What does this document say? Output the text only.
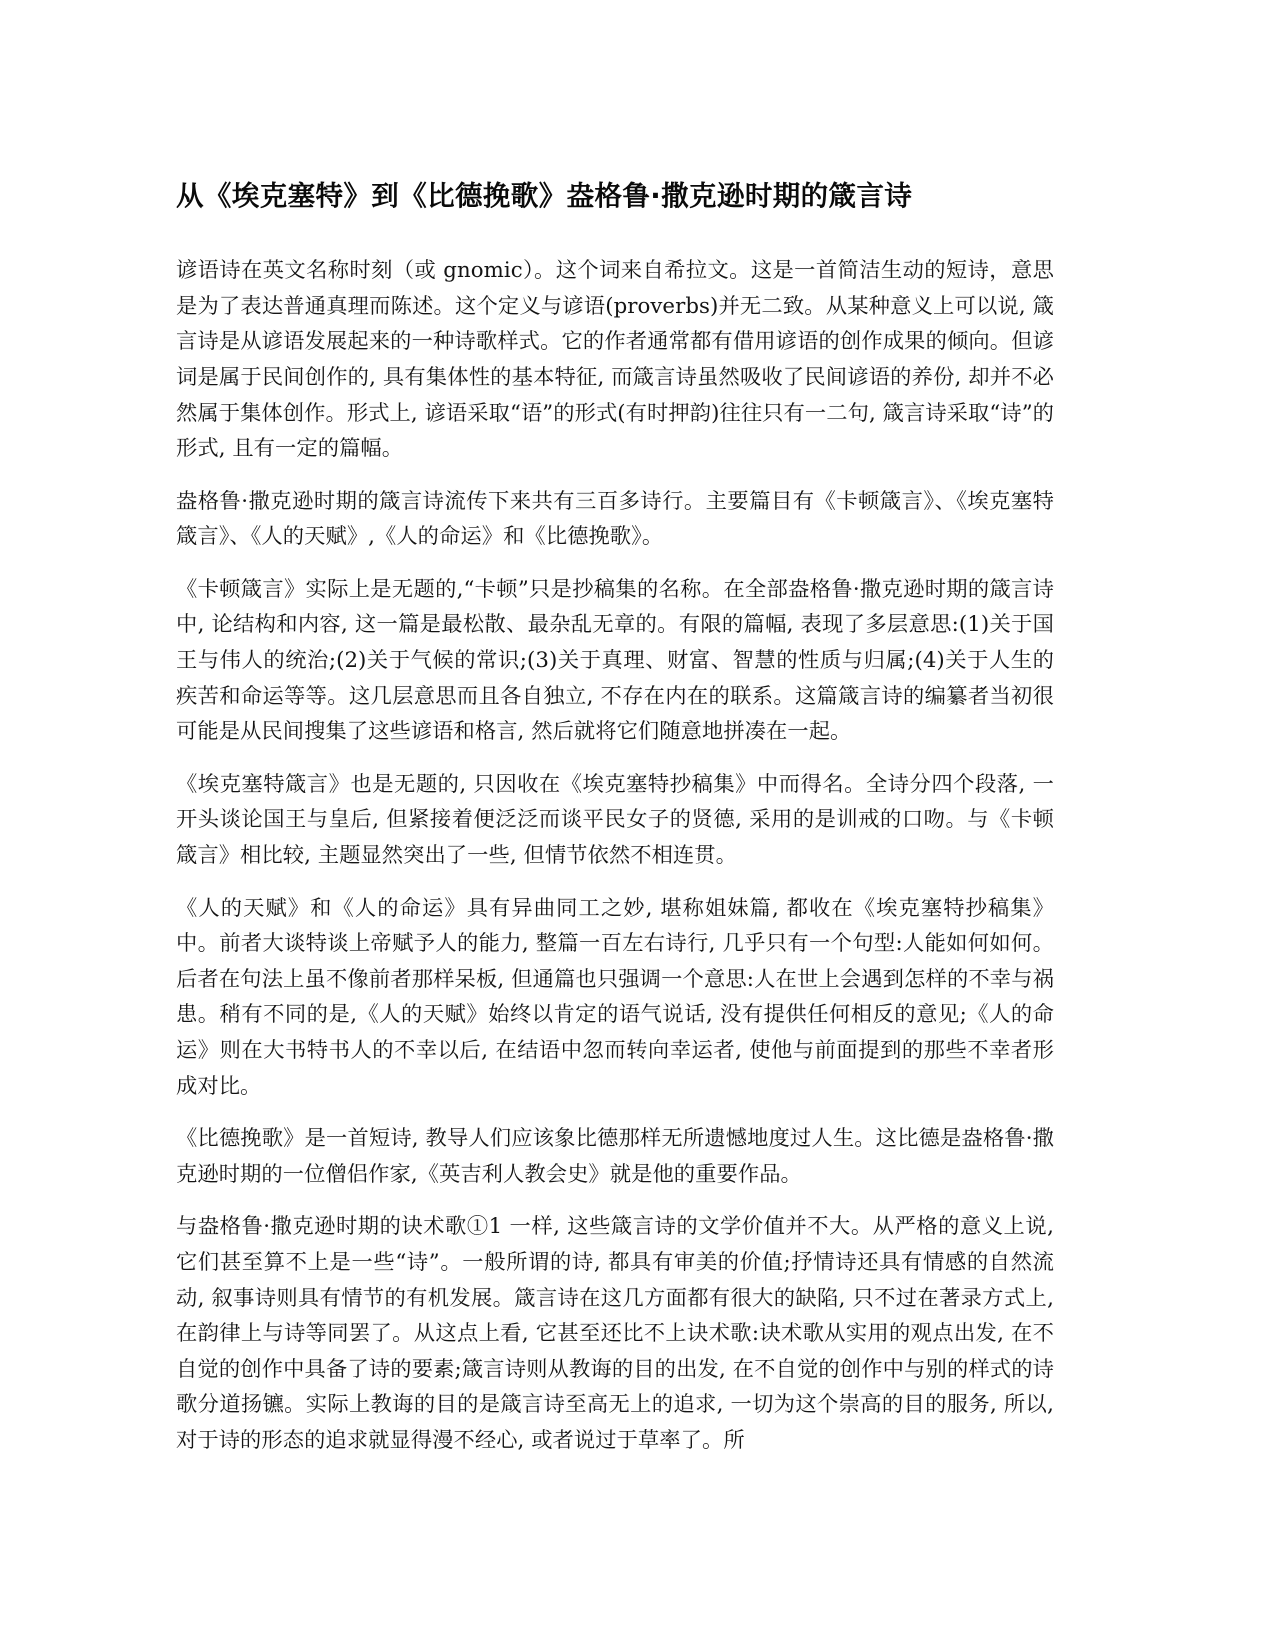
从《埃克塞特》到《比德挽歌》盎格鲁·撒克逊时期的箴言诗

谚语诗在英文名称时刻（或 gnomic）。这个词来自希拉文。这是一首简洁生动的短诗，意思是为了表达普通真理而陈述。这个定义与谚语(proverbs)并无二致。从某种意义上可以说, 箴言诗是从谚语发展起来的一种诗歌样式。它的作者通常都有借用谚语的创作成果的倾向。但谚词是属于民间创作的, 具有集体性的基本特征, 而箴言诗虽然吸收了民间谚语的养份, 却并不必然属于集体创作。形式上, 谚语采取“语”的形式(有时押韵)往往只有一二句, 箴言诗采取“诗”的形式, 且有一定的篇幅。

盎格鲁·撒克逊时期的箴言诗流传下来共有三百多诗行。主要篇目有《卡顿箴言》、《埃克塞特箴言》、《人的天赋》,《人的命运》和《比德挽歌》。

《卡顿箴言》实际上是无题的,“卡顿”只是抄稿集的名称。在全部盎格鲁·撒克逊时期的箴言诗中, 论结构和内容, 这一篇是最松散、最杂乱无章的。有限的篇幅, 表现了多层意思:(1)关于国王与伟人的统治;(2)关于气候的常识;(3)关于真理、财富、智慧的性质与归属;(4)关于人生的疾苦和命运等等。这几层意思而且各自独立, 不存在内在的联系。这篇箴言诗的编纂者当初很可能是从民间搜集了这些谚语和格言, 然后就将它们随意地拼凑在一起。

《埃克塞特箴言》也是无题的, 只因收在《埃克塞特抄稿集》中而得名。全诗分四个段落, 一开头谈论国王与皇后, 但紧接着便泛泛而谈平民女子的贤德, 采用的是训戒的口吻。与《卡顿箴言》相比较, 主题显然突出了一些, 但情节依然不相连贯。

《人的天赋》和《人的命运》具有异曲同工之妙, 堪称姐妹篇, 都收在《埃克塞特抄稿集》中。前者大谈特谈上帝赋予人的能力, 整篇一百左右诗行, 几乎只有一个句型:人能如何如何。后者在句法上虽不像前者那样呆板, 但通篇也只强调一个意思:人在世上会遇到怎样的不幸与祸患。稍有不同的是,《人的天赋》始终以肯定的语气说话, 没有提供任何相反的意见;《人的命运》则在大书特书人的不幸以后, 在结语中忽而转向幸运者, 使他与前面提到的那些不幸者形成对比。

《比德挽歌》是一首短诗, 教导人们应该象比德那样无所遗憾地度过人生。这比德是盎格鲁·撒克逊时期的一位僧侣作家,《英吉利人教会史》就是他的重要作品。

与盎格鲁·撒克逊时期的诀术歌①1 一样, 这些箴言诗的文学价值并不大。从严格的意义上说, 它们甚至算不上是一些“诗”。一般所谓的诗, 都具有审美的价值;抒情诗还具有情感的自然流动, 叙事诗则具有情节的有机发展。箴言诗在这几方面都有很大的缺陷, 只不过在著录方式上, 在韵律上与诗等同罢了。从这点上看, 它甚至还比不上诀术歌:诀术歌从实用的观点出发, 在不自觉的创作中具备了诗的要素;箴言诗则从教诲的目的出发, 在不自觉的创作中与别的样式的诗歌分道扬镳。实际上教诲的目的是箴言诗至高无上的追求, 一切为这个崇高的目的服务, 所以, 对于诗的形态的追求就显得漫不经心, 或者说过于草率了。所
